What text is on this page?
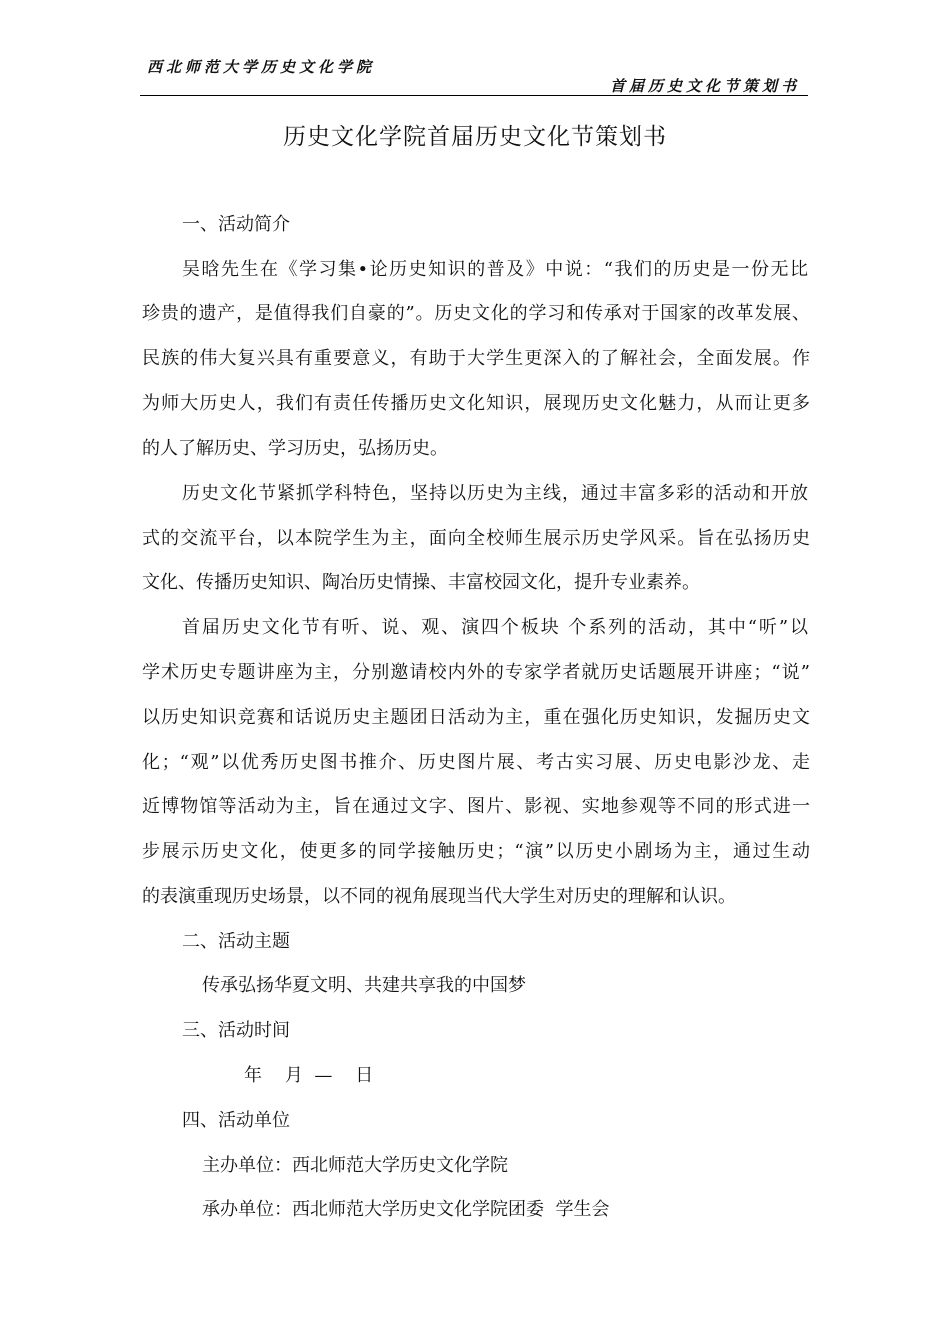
西北师范大学历史文化学院
首届历史文化节策划书
历史文化学院首届历史文化节策划书
一、活动简介
吴晗先生在《学习集•论历史知识的普及》中说：“我们的历史是一份无比
珍贵的遗产，是值得我们自豪的”。历史文化的学习和传承对于国家的改革发展、
民族的伟大复兴具有重要意义，有助于大学生更深入的了解社会，全面发展。作
为师大历史人，我们有责任传播历史文化知识，展现历史文化魅力，从而让更多
的人了解历史、学习历史，弘扬历史。
历史文化节紧抓学科特色，坚持以历史为主线，通过丰富多彩的活动和开放
式的交流平台，以本院学生为主，面向全校师生展示历史学风采。旨在弘扬历史
文化、传播历史知识、陶冶历史情操、丰富校园文化，提升专业素养。
首届历史文化节有听、说、观、演四个板块 个系列的活动，其中“听”以
学术历史专题讲座为主，分别邀请校内外的专家学者就历史话题展开讲座；“说”
以历史知识竞赛和话说历史主题团日活动为主，重在强化历史知识，发掘历史文
化；“观”以优秀历史图书推介、历史图片展、考古实习展、历史电影沙龙、走
近博物馆等活动为主，旨在通过文字、图片、影视、实地参观等不同的形式进一
步展示历史文化，使更多的同学接触历史；“演”以历史小剧场为主，通过生动
的表演重现历史场景，以不同的视角展现当代大学生对历史的理解和认识。
二、活动主题
传承弘扬华夏文明、共建共享我的中国梦
三、活动时间
年    月  —    日
四、活动单位
主办单位：西北师范大学历史文化学院
承办单位：西北师范大学历史文化学院团委  学生会
